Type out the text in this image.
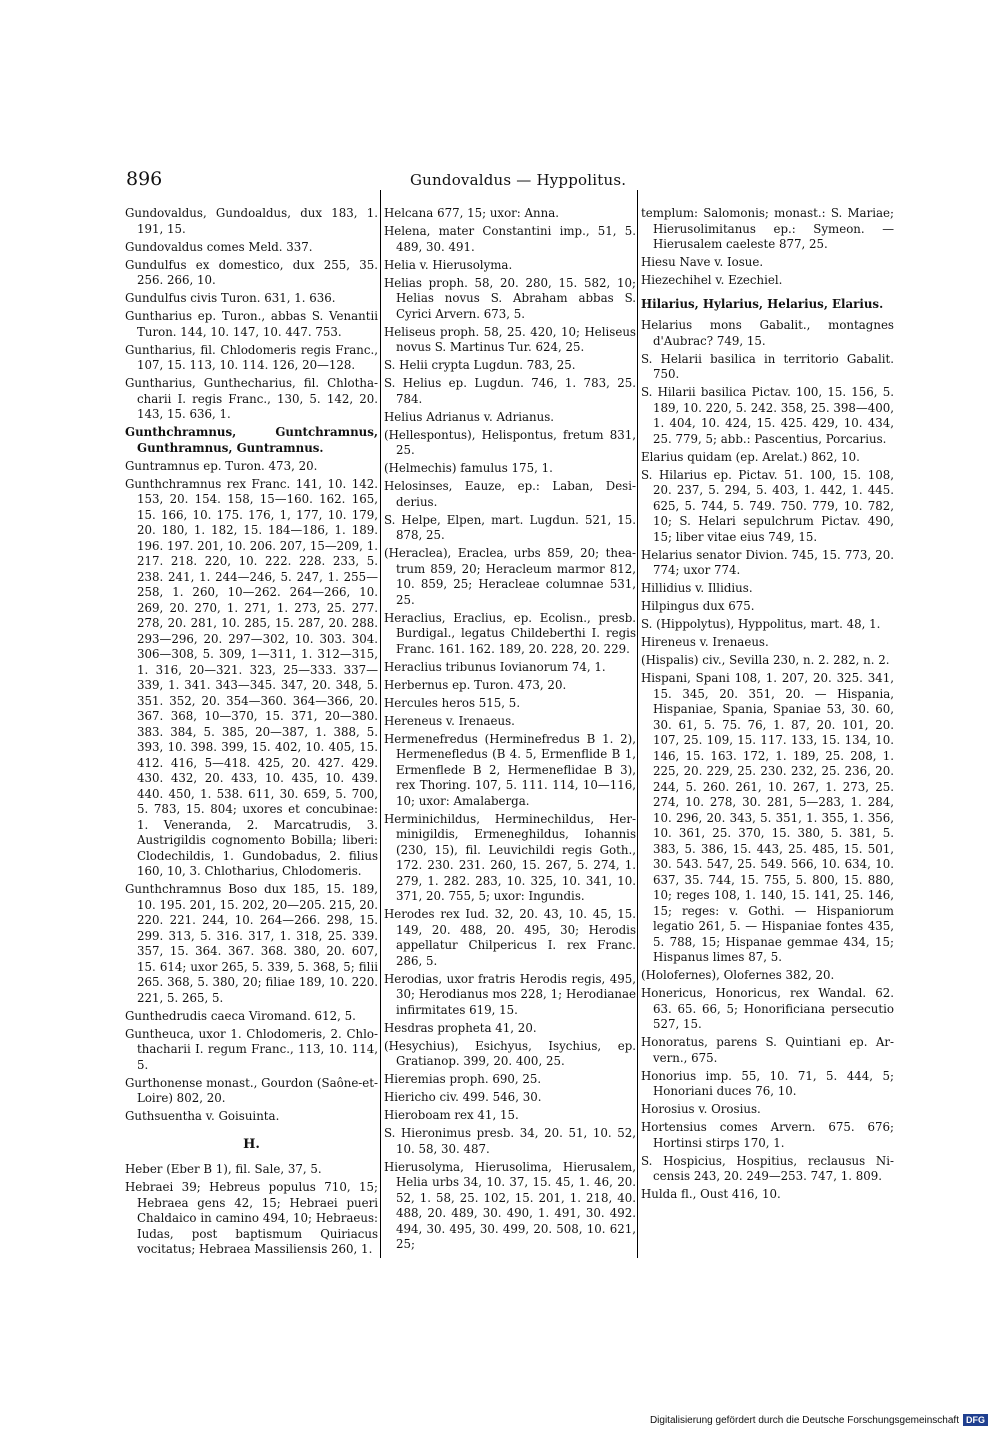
896	Gundovaldus — Hyppolitus.

Gundovaldus, Gundoaldus, dux 183, 1. 191, 15.

Gundovaldus comes Meld. 337.

Gundulfus ex domestico, dux 255, 35. 256. 266, 10.

Gundulfus civis Turon. 631, 1. 636.

Guntharius ep. Turon., abbas S. Venantii Turon. 144, 10. 147, 10. 447. 753.

Guntharius, fil. Chlodomeris regis Franc., 107, 15. 113, 10. 114. 126, 20—128.

Guntharius, Gunthecharius, fil. Chlothacharii I. regis Franc., 130, 5. 142, 20. 143, 15. 636, 1.

Gunthchramnus, Guntchramnus, Gunthramnus, Guntramnus.

Guntramnus ep. Turon. 473, 20.

Gunthchramnus rex Franc. 141, 10. 142. 153, 20. 154. 158, 15—160. 162. 165, 15. 166, 10. 175. 176, 1, 177, 10. 179, 20. 180, 1. 182, 15. 184—186, 1. 189. 196. 197. 201, 10. 206. 207, 15—209, 1. 217. 218. 220, 10. 222. 228. 233, 5. 238. 241, 1. 244—246, 5. 247, 1. 255—258, 1. 260, 10—262. 264—266, 10. 269, 20. 270, 1. 271, 1. 273, 25. 277. 278, 20. 281, 10. 285, 15. 287, 20. 288. 293—296, 20. 297—302, 10. 303. 304. 306—308, 5. 309, 1—311, 1. 312—315, 1. 316, 20—321. 323, 25—333. 337—339, 1. 341. 343—345. 347, 20. 348, 5. 351. 352, 20. 354—360. 364—366, 20. 367. 368, 10—370, 15. 371, 20—380. 383. 384, 5. 385, 20—387, 1. 388, 5. 393, 10. 398. 399, 15. 402, 10. 405, 15. 412. 416, 5—418. 425, 20. 427. 429. 430. 432, 20. 433, 10. 435, 10. 439. 440. 450, 1. 538. 611, 30. 659, 5. 700, 5. 783, 15. 804; uxores et concubinae: 1. Veneranda, 2. Marcatrudis, 3. Austrigildis cognomento Bobilla; liberi: Clodechildis, 1. Gundobadus, 2. filius 160, 10, 3. Chlotharius, Chlodomeris.

Gunthchramnus Boso dux 185, 15. 189, 10. 195. 201, 15. 202, 20—205. 215, 20. 220. 221. 244, 10. 264—266. 298, 15. 299. 313, 5. 316. 317, 1. 318, 25. 339. 357, 15. 364. 367. 368. 380, 20. 607, 15. 614; uxor 265, 5. 339, 5. 368, 5; filii 265. 368, 5. 380, 20; filiae 189, 10. 220. 221, 5. 265, 5.

Gunthedrudis caeca Viromand. 612, 5.

Guntheuca, uxor 1. Chlodomeris, 2. Chlothacharii I. regum Franc., 113, 10. 114, 5.

Gurthonense monast., Gourdon (Saône-et-Loire) 802, 20.

Guthsuentha v. Goisuinta.

H.

Heber (Eber B 1), fil. Sale, 37, 5.

Hebraei 39; Hebreus populus 710, 15; Hebraea gens 42, 15; Hebraei pueri Chaldaico in camino 494, 10; Hebraeus: Iudas, post baptismum Quiriacus vocitatus; Hebraea Massiliensis 260, 1.

Helcana 677, 15; uxor: Anna.

Helena, mater Constantini imp., 51, 5. 489, 30. 491.

Helia v. Hierusolyma.

Helias proph. 58, 20. 280, 15. 582, 10; Helias novus S. Abraham abbas S. Cyrici Arvern. 673, 5.

Heliseus proph. 58, 25. 420, 10; Heliseus novus S. Martinus Tur. 624, 25.

S. Helii crypta Lugdun. 783, 25.

S. Helius ep. Lugdun. 746, 1. 783, 25. 784.

Helius Adrianus v. Adrianus.

(Hellespontus), Helispontus, fretum 831, 25.

(Helmechis) famulus 175, 1.

Helosinses, Eauze, ep.: Laban, Desiderius.

S. Helpe, Elpen, mart. Lugdun. 521, 15. 878, 25.

(Heraclea), Eraclea, urbs 859, 20; theatrum 859, 20; Heracleum marmor 812, 10. 859, 25; Heracleae columnae 531, 25.

Heraclius, Eraclius, ep. Ecolisn., presb. Burdigal., legatus Childeberthi I. regis Franc. 161. 162. 189, 20. 228, 20. 229.

Heraclius tribunus Iovianorum 74, 1.

Herbernus ep. Turon. 473, 20.

Hercules heros 515, 5.

Hereneus v. Irenaeus.

Hermenefredus (Herminefredus B 1. 2), Hermenefledus (B 4. 5, Ermenflide B 1, Ermenflede B 2, Hermeneflidae B 3), rex Thoring. 107, 5. 111. 114, 10—116, 10; uxor: Amalaberga.

Herminichildus, Herminechildus, Herminigildis, Ermeneghildus, Iohannis (230, 15), fil. Leuvichildi regis Goth., 172. 230. 231. 260, 15. 267, 5. 274, 1. 279, 1. 282. 283, 10. 325, 10. 341, 10. 371, 20. 755, 5; uxor: Ingundis.

Herodes rex Iud. 32, 20. 43, 10. 45, 15. 149, 20. 488, 20. 495, 30; Herodis appellatur Chilpericus I. rex Franc. 286, 5.

Herodias, uxor fratris Herodis regis, 495, 30; Herodianus mos 228, 1; Herodianae infirmitates 619, 15.

Hesdras propheta 41, 20.

(Hesychius), Esichyus, Isychius, ep. Gratianop. 399, 20. 400, 25.

Hieremias proph. 690, 25.

Hiericho civ. 499. 546, 30.

Hieroboam rex 41, 15.

S. Hieronimus presb. 34, 20. 51, 10. 52, 10. 58, 30. 487.

Hierusolyma, Hierusolima, Hierusalem, Helia urbs 34, 10. 37, 15. 45, 1. 46, 20. 52, 1. 58, 25. 102, 15. 201, 1. 218, 40. 488, 20. 489, 30. 490, 1. 491, 30. 492. 494, 30. 495, 30. 499, 20. 508, 10. 621, 25;

templum: Salomonis; monast.: S. Mariae; Hierusolimitanus ep.: Symeon. — Hierusalem caeleste 877, 25.

Hiesu Nave v. Iosue.

Hiezechihel v. Ezechiel.

Hilarius, Hylarius, Helarius, Elarius.

Helarius mons Gabalit., montagnes d'Aubrac? 749, 15.

S. Helarii basilica in territorio Gabalit. 750.

S. Hilarii basilica Pictav. 100, 15. 156, 5. 189, 10. 220, 5. 242. 358, 25. 398—400, 1. 404, 10. 424, 15. 425. 429, 10. 434, 25. 779, 5; abb.: Pascentius, Porcarius.

Elarius quidam (ep. Arelat.) 862, 10.

S. Hilarius ep. Pictav. 51. 100, 15. 108, 20. 237, 5. 294, 5. 403, 1. 442, 1. 445. 625, 5. 744, 5. 749. 750. 779, 10. 782, 10; S. Helari sepulchrum Pictav. 490, 15; liber vitae eius 749, 15.

Helarius senator Divion. 745, 15. 773, 20. 774; uxor 774.

Hillidius v. Illidius.

Hilpingus dux 675.

S. (Hippolytus), Hyppolitus, mart. 48, 1.

Hireneus v. Irenaeus.

(Hispalis) civ., Sevilla 230, n. 2. 282, n. 2.

Hispani, Spani 108, 1. 207, 20. 325. 341, 15. 345, 20. 351, 20. — Hispania, Hispaniae, Spania, Spaniae 53, 30. 60, 30. 61, 5. 75. 76, 1. 87, 20. 101, 20. 107, 25. 109, 15. 117. 133, 15. 134, 10. 146, 15. 163. 172, 1. 189, 25. 208, 1. 225, 20. 229, 25. 230. 232, 25. 236, 20. 244, 5. 260. 261, 10. 267, 1. 273, 25. 274, 10. 278, 30. 281, 5—283, 1. 284, 10. 296, 20. 343, 5. 351, 1. 355, 1. 356, 10. 361, 25. 370, 15. 380, 5. 381, 5. 383, 5. 386, 15. 443, 25. 485, 15. 501, 30. 543. 547, 25. 549. 566, 10. 634, 10. 637, 35. 744, 15. 755, 5. 800, 15. 880, 10; reges 108, 1. 140, 15. 141, 25. 146, 15; reges: v. Gothi. — Hispaniorum legatio 261, 5. — Hispaniae fontes 435, 5. 788, 15; Hispanae gemmae 434, 15; Hispanus limes 87, 5.

(Holofernes), Olofernes 382, 20.

Honericus, Honoricus, rex Wandal. 62. 63. 65. 66, 5; Honorificiana persecutio 527, 15.

Honoratus, parens S. Quintiani ep. Arvern., 675.

Honorius imp. 55, 10. 71, 5. 444, 5; Honoriani duces 76, 10.

Horosius v. Orosius.

Hortensius comes Arvern. 675. 676; Hortinsi stirps 170, 1.

S. Hospicius, Hospitius, reclausus Nicensis 243, 20. 249—253. 747, 1. 809.

Hulda fl., Oust 416, 10.

Digitalisierung gefördert durch die Deutsche Forschungsgemeinschaft DFG
